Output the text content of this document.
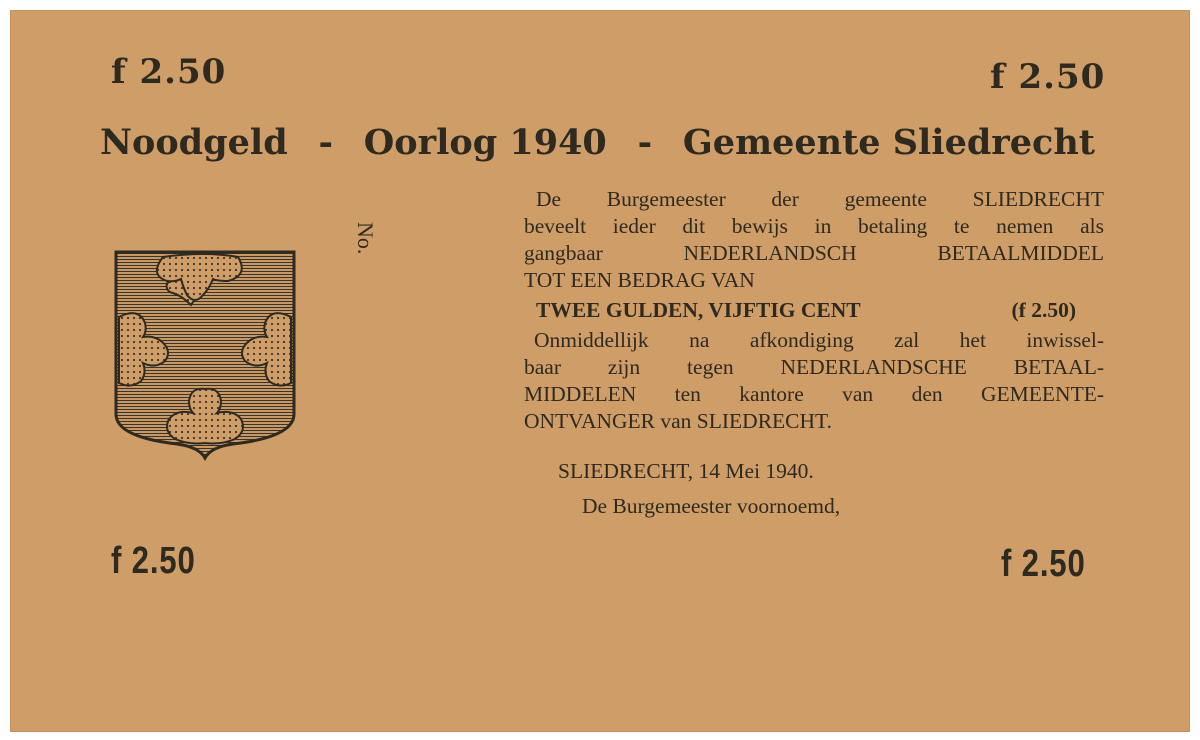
f 2.50	f 2.50
f 2.50	f 2.50
Noodgeld - Oorlog 1940 - Gemeente Sliedrecht
No.
De Burgemeester der gemeente SLIEDRECHT
beveelt ieder dit bewijs in betaling te nemen als
gangbaar NEDERLANDSCH BETAALMIDDEL
TOT EEN BEDRAG VAN
TWEE GULDEN, VIJFTIG CENT	(f 2.50)
Onmiddellijk na afkondiging zal het inwissel-
baar zijn tegen NEDERLANDSCHE BETAAL-
MIDDELEN ten kantore van den GEMEENTE-
ONTVANGER van SLIEDRECHT.
SLIEDRECHT, 14 Mei 1940.
De Burgemeester voornoemd,
